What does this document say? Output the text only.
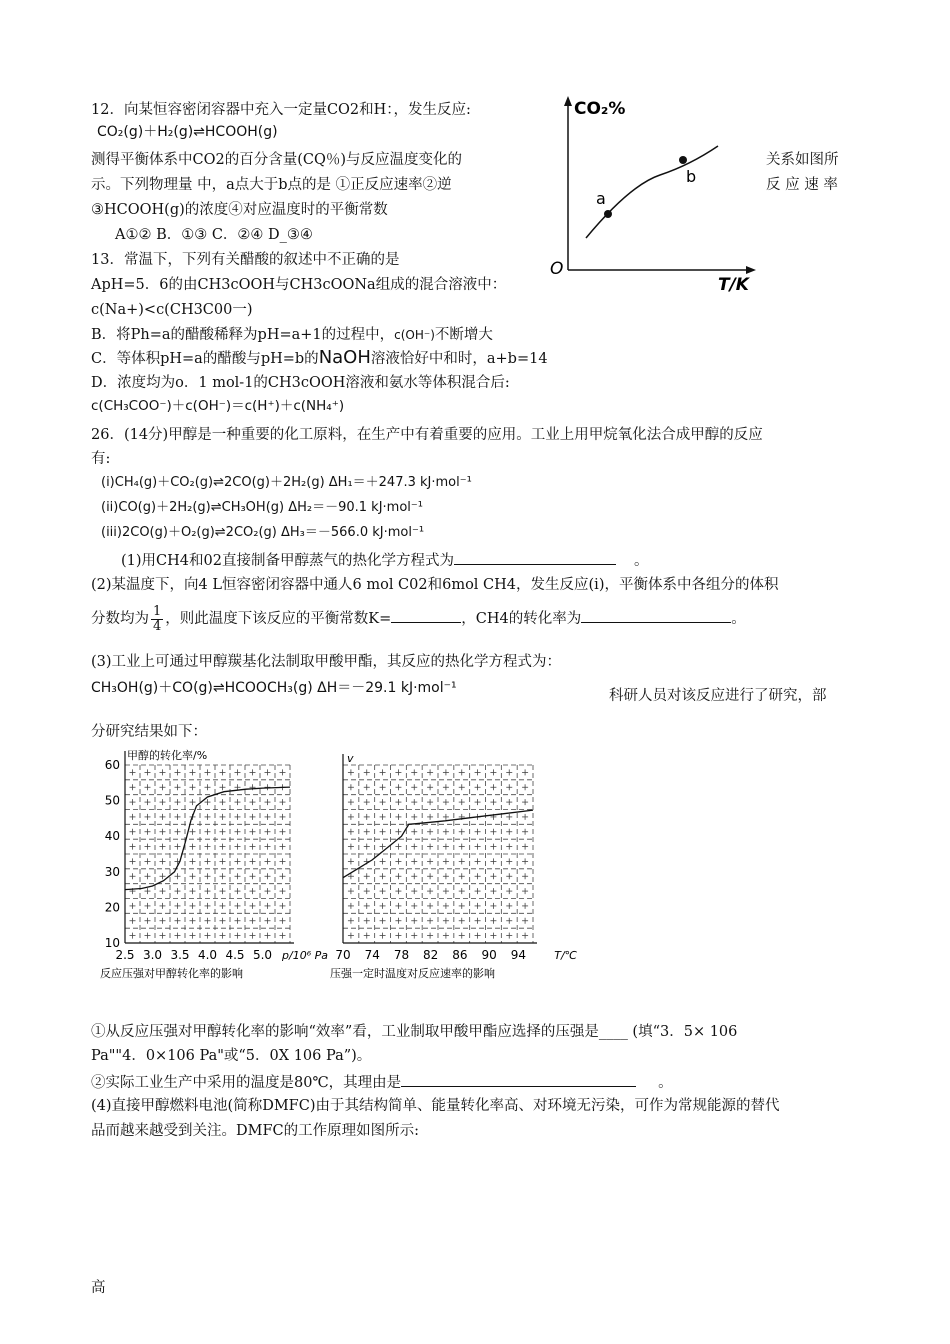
12．向某恒容密闭容器中充入一定量CO2和H：，发生反应:
CO₂(g)＋H₂(g)⇌HCOOH(g)
测得平衡体系中CO2的百分含量(CQ％)与反应温度变化的	关系如图所
示。下列物理量 中，a点大于b点的是 ①正反应速率②逆	反 应 速 率
③HCOOH(g)的浓度④对应温度时的平衡常数
A①② B．①③ C．②④ D_③④
CO₂%
T/K
O
a
b
13．常温下，下列有关醋酸的叙述中不正确的是
ApH=5．6的由CH3cOOH与CH3cOONa组成的混合溶液中：
c(Na+)<c(CH3C00一)
B．将Ph=a的醋酸稀释为pH=a+1的过程中，c(OH⁻)不断增大
C．等体积pH=a的醋酸与pH=b的NaOH溶液恰好中和时，a+b=14
D．浓度均为o．1 mol-1的CH3cOOH溶液和氨水等体积混合后:
c(CH₃COO⁻)＋c(OH⁻)＝c(H⁺)＋c(NH₄⁺)
26．(14分)甲醇是一种重要的化工原料，在生产中有着重要的应用。工业上用甲烷氧化法合成甲醇的反应
有:
(i)CH₄(g)＋CO₂(g)⇌2CO(g)＋2H₂(g) ΔH₁＝＋247.3 kJ·mol⁻¹
(ii)CO(g)＋2H₂(g)⇌CH₃OH(g) ΔH₂＝－90.1 kJ·mol⁻¹
(iii)2CO(g)＋O₂(g)⇌2CO₂(g) ΔH₃＝－566.0 kJ·mol⁻¹
(1)用CH4和02直接制备甲醇蒸气的热化学方程式为	。
(2)某温度下，向4 L恒容密闭容器中通人6 mol C02和6mol CH4，发生反应(i)，平衡体系中各组分的体积
分数均为 $\frac{1}{4}$ ，则此温度下该反应的平衡常数K=	，CH4的转化率为	。
(3)工业上可通过甲醇羰基化法制取甲酸甲酯，其反应的热化学方程式为：
CH₃OH(g)＋CO(g)⇌HCOOCH₃(g) ΔH＝－29.1 kJ·mol⁻¹	科研人员对该反应进行了研究，部
分研究结果如下：
2.5 3.0 3.5 4.0 4.5 5.0
60
50
40
30
20
10
甲醇的转化率/%
p/10⁶ Pa
反应压强对甲醇转化率的影响
70 74 78 82 86 90 94
v
T/℃
压强一定时温度对反应速率的影响
①从反应压强对甲醇转化率的影响“效率”看，工业制取甲酸甲酯应选择的压强是____ (填“3．5× 106
Pa""4．0×106 Pa"或“5．0X 106 Pa”)。
②实际工业生产中采用的温度是80℃，其理由是	。
(4)直接甲醇燃料电池(简称DMFC)由于其结构简单、能量转化率高、对环境无污染，可作为常规能源的替代
品而越来越受到关注。DMFC的工作原理如图所示:
高
